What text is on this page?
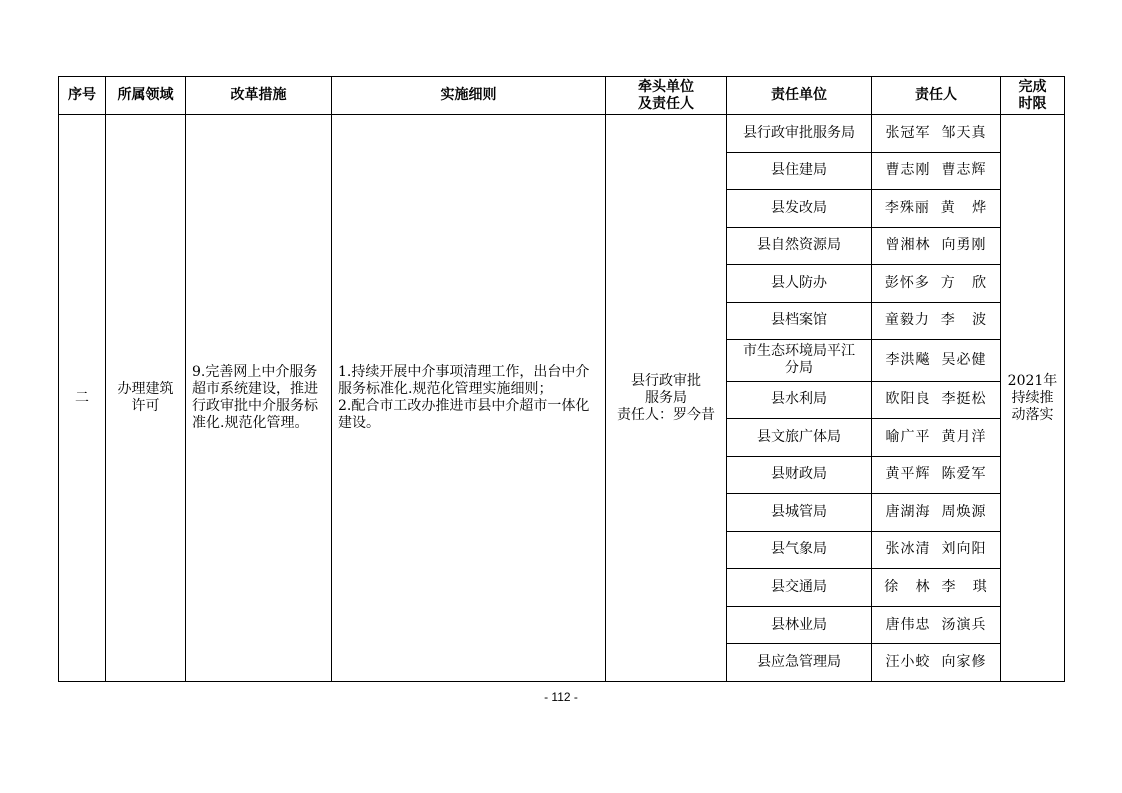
序号	所属领域	改革措施	实施细则	牵头单位
及责任人	责任单位	责任人	完成
时限
二	办理建筑
许可	9.完善网上中介服务超市系统建设，推进行政审批中介服务标准化.规范化管理。	1.持续开展中介事项清理工作，出台中介服务标准化.规范化管理实施细则；
2.配合市工改办推进市县中介超市一体化建设。	县行政审批
服务局
责任人：罗今昔	县行政审批服务局	张冠军  邹天真	2021年
持续推
动落实
					县住建局	曹志刚  曹志辉	
					县发改局	李殊丽  黄   烨	
					县自然资源局	曾湘林  向勇刚	
					县人防办	彭怀多  方   欣	
					县档案馆	童毅力  李   波	
					市生态环境局平江
分局	李洪飚  吴必健	
					县水利局	欧阳良  李挺松	
					县文旅广体局	喻广平  黄月洋	
					县财政局	黄平辉  陈爱军	
					县城管局	唐湖海  周焕源	
					县气象局	张冰清  刘向阳	
					县交通局	徐   林  李   琪	
					县林业局	唐伟忠  汤演兵	
					县应急管理局	汪小蛟  向家修	
- 112 -
